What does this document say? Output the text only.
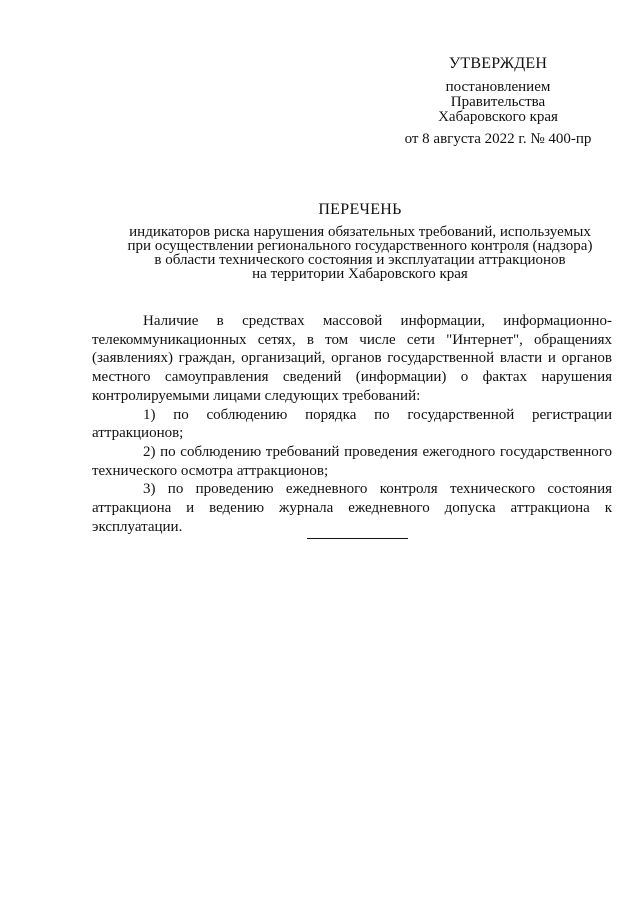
УТВЕРЖДЕН
постановлением
Правительства
Хабаровского края
от 8 августа 2022 г. № 400-пр
ПЕРЕЧЕНЬ
индикаторов риска нарушения обязательных требований, используемых
при осуществлении регионального государственного контроля (надзора)
в области технического состояния и эксплуатации аттракционов
на территории Хабаровского края

Наличие в средствах массовой информации, информационно-телекоммуникационных сетях, в том числе сети "Интернет", обращениях (заявлениях) граждан, организаций, органов государственной власти и органов местного самоуправления сведений (информации) о фактах нарушения контролируемыми лицами следующих требований:

1) по соблюдению порядка по государственной регистрации аттракционов;

2) по соблюдению требований проведения ежегодного государственного технического осмотра аттракционов;

3) по проведению ежедневного контроля технического состояния аттракциона и ведению журнала ежедневного допуска аттракциона к эксплуатации.
